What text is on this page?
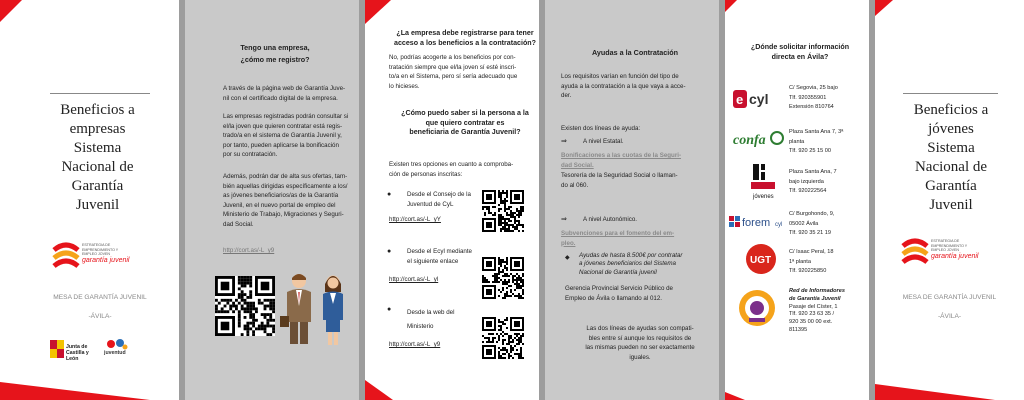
Beneficios a
empresas
Sistema
Nacional de
Garantía
Juvenil
ESTRATEGIA DE
EMPRENDIMIENTO Y
EMPLEO JOVEN
garantía juvenil
MESA DE GARANTÍA JUVENIL
-ÁVILA-
Junta de
Castilla y León
juventud
Tengo una empresa,
¿cómo me registro?
A través de la página web de Garantía Juve-
nil con el certificado digital de la empresa.
Las empresas registradas podrán consultar si
el/la joven que quieren contratar está regis-
trado/a en el sistema de Garantía Juvenil y,
por tanto, pueden aplicarse la bonificación
por su contratación.
Además, podrán dar de alta sus ofertas, tam-
bién aquellas dirigidas específicamente a los/
as jóvenes beneficiarios/as de la Garantía
Juvenil, en el nuevo portal de empleo del
Ministerio de Trabajo, Migraciones y Seguri-
dad Social.
http://cort.as/-L_y9
¿La empresa debe registrarse para tener
acceso a los beneficios a la contratación?
No, podrías acogerte a los beneficios por con-
tratación siempre que el/la joven sí esté inscri-
to/a en el Sistema, pero sí sería adecuado que
lo hicieses.
¿Cómo puedo saber si la persona a la
que quiero contratar es
beneficiaria de Garantía Juvenil?
Existen tres opciones en cuanto a comproba-
ción de personas inscritas:
●	Desde el Consejo de la
Juventud de CyL
http://cort.as/-L_yY
●	Desde el Ecyl mediante
el siguiente enlace
http://cort.as/-L_yl
●	Desde la web del
Ministerio
http://cort.as/-L_y9
Ayudas a la Contratación
Los requisitos varían en función del tipo de
ayuda a la contratación a la que vaya a acce-
der.
Existen dos líneas de ayuda:
⇒	A nivel Estatal.
Bonificaciones a las cuotas de la Seguri-
dad Social.
Tesorería de la Seguridad Social o llaman-
do al 060.
⇒	A nivel Autonómico.
Subvenciones para el fomento del em-
pleo.
◆ Ayudas de hasta 8.500€ por contratar
a jóvenes beneficiarios del Sistema
Nacional de Garantía juvenil
Gerencia Provincial Servicio Público de
Empleo de Ávila o llamando al 012.
Las dos líneas de ayudas son compati-
bles entre sí aunque los requisitos de
las mismas pueden no ser exactamente
iguales.
¿Dónde solicitar información
directa en Ávila?
e cyl
C/ Segovia, 25 bajo
Tlf. 920355901
Extensión 810764
confa
Plaza Santa Ana 7, 3ª
planta
Tlf. 920 25 15 00
jóvenes
Plaza Santa Ana, 7
bajo izquierda
Tlf. 920222564
forem cyl
C/ Burgohondo, 9,
05002 Ávila
Tlf. 920 35 21 19
UGT
C/ Isaac Peral, 18
1ª planta
Tlf. 920225850
Red de Informadores
de Garantía Juvenil
Pasaje del Císter, 1
Tlf. 920 23 63 35 /
920 35 00 00 ext.
811395
Beneficios a
jóvenes
Sistema
Nacional de
Garantía
Juvenil
ESTRATEGIA DE
EMPRENDIMIENTO Y
EMPLEO JOVEN
garantía juvenil
MESA DE GARANTÍA JUVENIL
-ÁVILA-
